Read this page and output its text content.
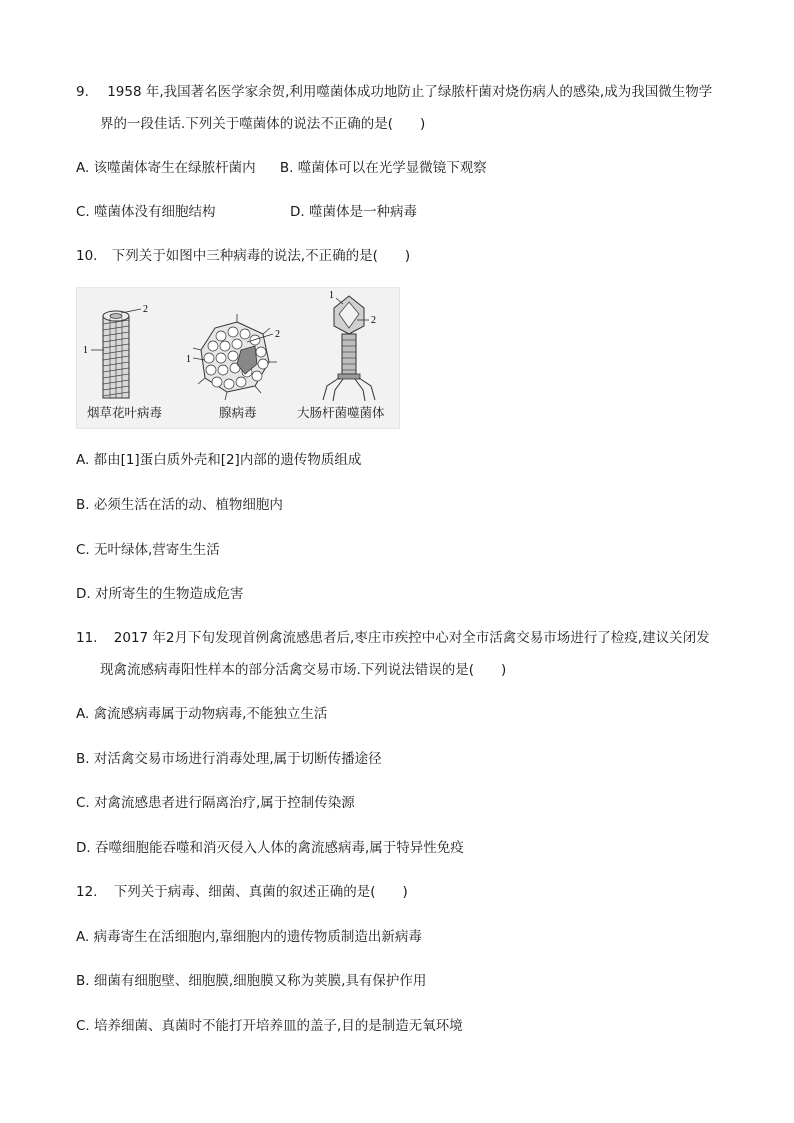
9. 1958 年,我国著名医学家余贺,利用噬菌体成功地防止了绿脓杆菌对烧伤病人的感染,成为我国微生物学
界的一段佳话.下列关于噬菌体的说法不正确的是(　　)
A. 该噬菌体寄生在绿脓杆菌内 B. 噬菌体可以在光学显微镜下观察
C. 噬菌体没有细胞结构	D. 噬菌体是一种病毒
10. 下列关于如图中三种病毒的说法,不正确的是(　　)
2
1
2
1
1
2
烟草花叶病毒	腺病毒	大肠杆菌噬菌体
A. 都由[1]蛋白质外壳和[2]内部的遗传物质组成
B. 必须生活在活的动、植物细胞内
C. 无叶绿体,营寄生生活
D. 对所寄生的生物造成危害
11. 2017 年2月下旬发现首例禽流感患者后,枣庄市疾控中心对全市活禽交易市场进行了检疫,建议关闭发
现禽流感病毒阳性样本的部分活禽交易市场.下列说法错误的是(　　)
A. 禽流感病毒属于动物病毒,不能独立生活
B. 对活禽交易市场进行消毒处理,属于切断传播途径
C. 对禽流感患者进行隔离治疗,属于控制传染源
D. 吞噬细胞能吞噬和消灭侵入人体的禽流感病毒,属于特异性免疫
12. 下列关于病毒、细菌、真菌的叙述正确的是(　　)
A. 病毒寄生在活细胞内,靠细胞内的遗传物质制造出新病毒
B. 细菌有细胞壁、细胞膜,细胞膜又称为荚膜,具有保护作用
C. 培养细菌、真菌时不能打开培养皿的盖子,目的是制造无氧环境
